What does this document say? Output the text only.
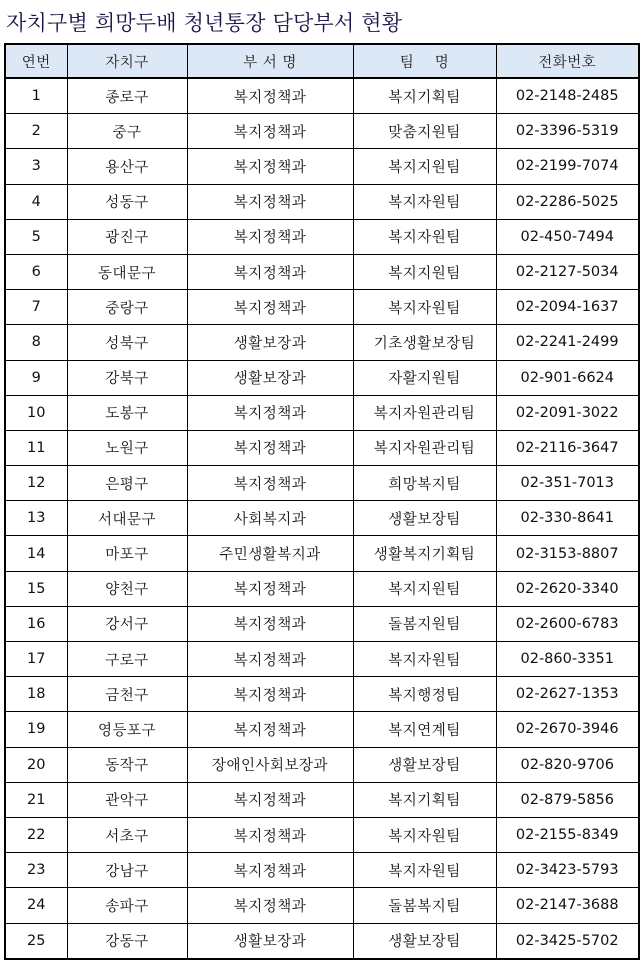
자치구별 희망두배 청년통장 담당부서 현황
연번	자치구	부 서 명	팀    명	전화번호
1	종로구	복지정책과	복지기획팀	02-2148-2485
2	중구	복지정책과	맞춤지원팀	02-3396-5319
3	용산구	복지정책과	복지지원팀	02-2199-7074
4	성동구	복지정책과	복지자원팀	02-2286-5025
5	광진구	복지정책과	복지자원팀	02-450-7494
6	동대문구	복지정책과	복지지원팀	02-2127-5034
7	중랑구	복지정책과	복지자원팀	02-2094-1637
8	성북구	생활보장과	기초생활보장팀	02-2241-2499
9	강북구	생활보장과	자활지원팀	02-901-6624
10	도봉구	복지정책과	복지자원관리팀	02-2091-3022
11	노원구	복지정책과	복지자원관리팀	02-2116-3647
12	은평구	복지정책과	희망복지팀	02-351-7013
13	서대문구	사회복지과	생활보장팀	02-330-8641
14	마포구	주민생활복지과	생활복지기획팀	02-3153-8807
15	양천구	복지정책과	복지지원팀	02-2620-3340
16	강서구	복지정책과	돌봄지원팀	02-2600-6783
17	구로구	복지정책과	복지자원팀	02-860-3351
18	금천구	복지정책과	복지행정팀	02-2627-1353
19	영등포구	복지정책과	복지연계팀	02-2670-3946
20	동작구	장애인사회보장과	생활보장팀	02-820-9706
21	관악구	복지정책과	복지기획팀	02-879-5856
22	서초구	복지정책과	복지자원팀	02-2155-8349
23	강남구	복지정책과	복지자원팀	02-3423-5793
24	송파구	복지정책과	돌봄복지팀	02-2147-3688
25	강동구	생활보장과	생활보장팀	02-3425-5702
